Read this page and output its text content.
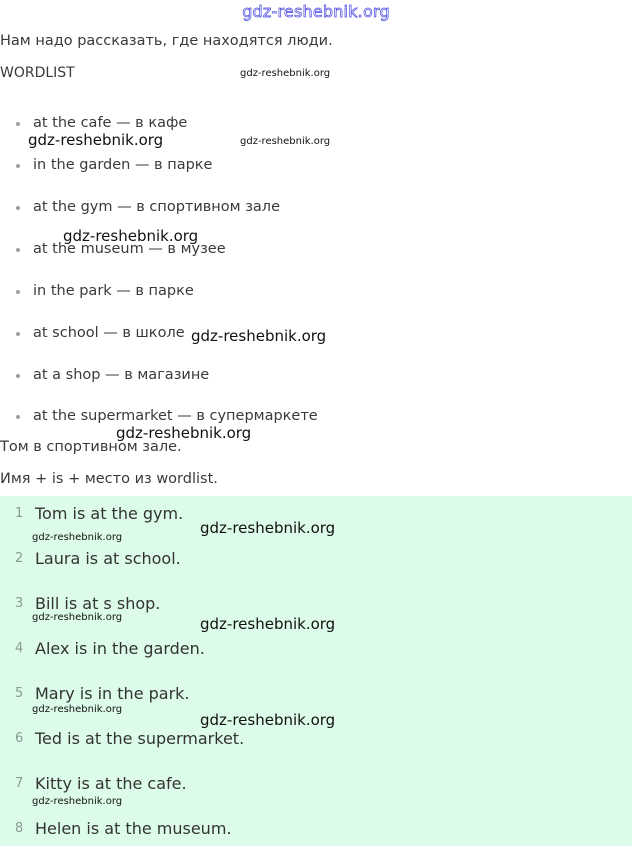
gdz-reshebnik.org
Нам надо рассказать, где находятся люди.
WORDLIST
at the cafe — в кафе
in the garden — в парке
at the gym — в спортивном зале
at the museum — в музее
in the park — в парке
at school — в школе
at a shop — в магазине
at the supermarket — в супермаркете
Том в спортивном зале.
Имя + is + место из wordlist.
1 Tom is at the gym.
2 Laura is at school.
3 Bill is at s shop.
4 Alex is in the garden.
5 Mary is in the park.
6 Ted is at the supermarket.
7 Kitty is at the cafe.
8 Helen is at the museum.
gdz-reshebnik.org
gdz-reshebnik.org	gdz-reshebnik.org
gdz-reshebnik.org
gdz-reshebnik.org
gdz-reshebnik.org
gdz-reshebnik.org
gdz-reshebnik.org
gdz-reshebnik.org	gdz-reshebnik.org
gdz-reshebnik.org
gdz-reshebnik.org
gdz-reshebnik.org
